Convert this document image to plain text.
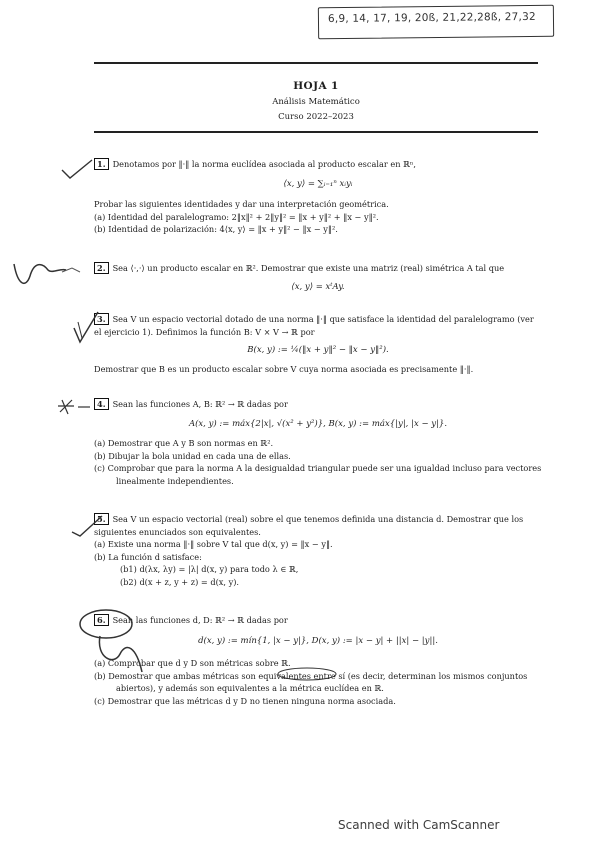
6,9, 14, 17, 19, 20ß, 21,22,28ß, 27,32
HOJA 1
Análisis Matemático
Curso 2022–2023

1. Denotamos por ‖·‖ la norma euclídea asociada al producto escalar en ℝⁿ,

⟨x, y⟩ = ∑ᵢ₌₁ⁿ xᵢyᵢ

Probar las siguientes identidades y dar una interpretación geométrica.

(a) Identidad del paralelogramo: 2‖x‖² + 2‖y‖² = ‖x + y‖² + ‖x − y‖².

(b) Identidad de polarización: 4⟨x, y⟩ = ‖x + y‖² − ‖x − y‖².

2. Sea ⟨·,·⟩ un producto escalar en ℝ². Demostrar que existe una matriz (real) simétrica A tal que

⟨x, y⟩ = xᵗAy.

3. Sea V un espacio vectorial dotado de una norma ‖·‖ que satisface la identidad del paralelogramo (ver el ejercicio 1). Definimos la función B: V × V → ℝ por

B(x, y) := ¼(‖x + y‖² − ‖x − y‖²).

Demostrar que B es un producto escalar sobre V cuya norma asociada es precisamente ‖·‖.

4. Sean las funciones A, B: ℝ² → ℝ dadas por

A(x, y) := máx{2|x|, √(x² + y²)}, B(x, y) := máx{|y|, |x − y|}.

(a) Demostrar que A y B son normas en ℝ².

(b) Dibujar la bola unidad en cada una de ellas.

(c) Comprobar que para la norma A la desigualdad triangular puede ser una igualdad incluso para vectores linealmente independientes.

5. Sea V un espacio vectorial (real) sobre el que tenemos definida una distancia d. Demostrar que los siguientes enunciados son equivalentes.

(a) Existe una norma ‖·‖ sobre V tal que d(x, y) = ‖x − y‖.

(b) La función d satisface:

(b1) d(λx, λy) = |λ| d(x, y) para todo λ ∈ ℝ,

(b2) d(x + z, y + z) = d(x, y).

6. Sean las funciones d, D: ℝ² → ℝ dadas por

d(x, y) := mín{1, |x − y|}, D(x, y) := |x − y| + ||x| − |y||.

(a) Comprobar que d y D son métricas sobre ℝ.

(b) Demostrar que ambas métricas son equivalentes entre sí (es decir, determinan los mismos conjuntos abiertos), y además son equivalentes a la métrica euclídea en ℝ.

(c) Demostrar que las métricas d y D no tienen ninguna norma asociada.

Scanned with CamScanner
